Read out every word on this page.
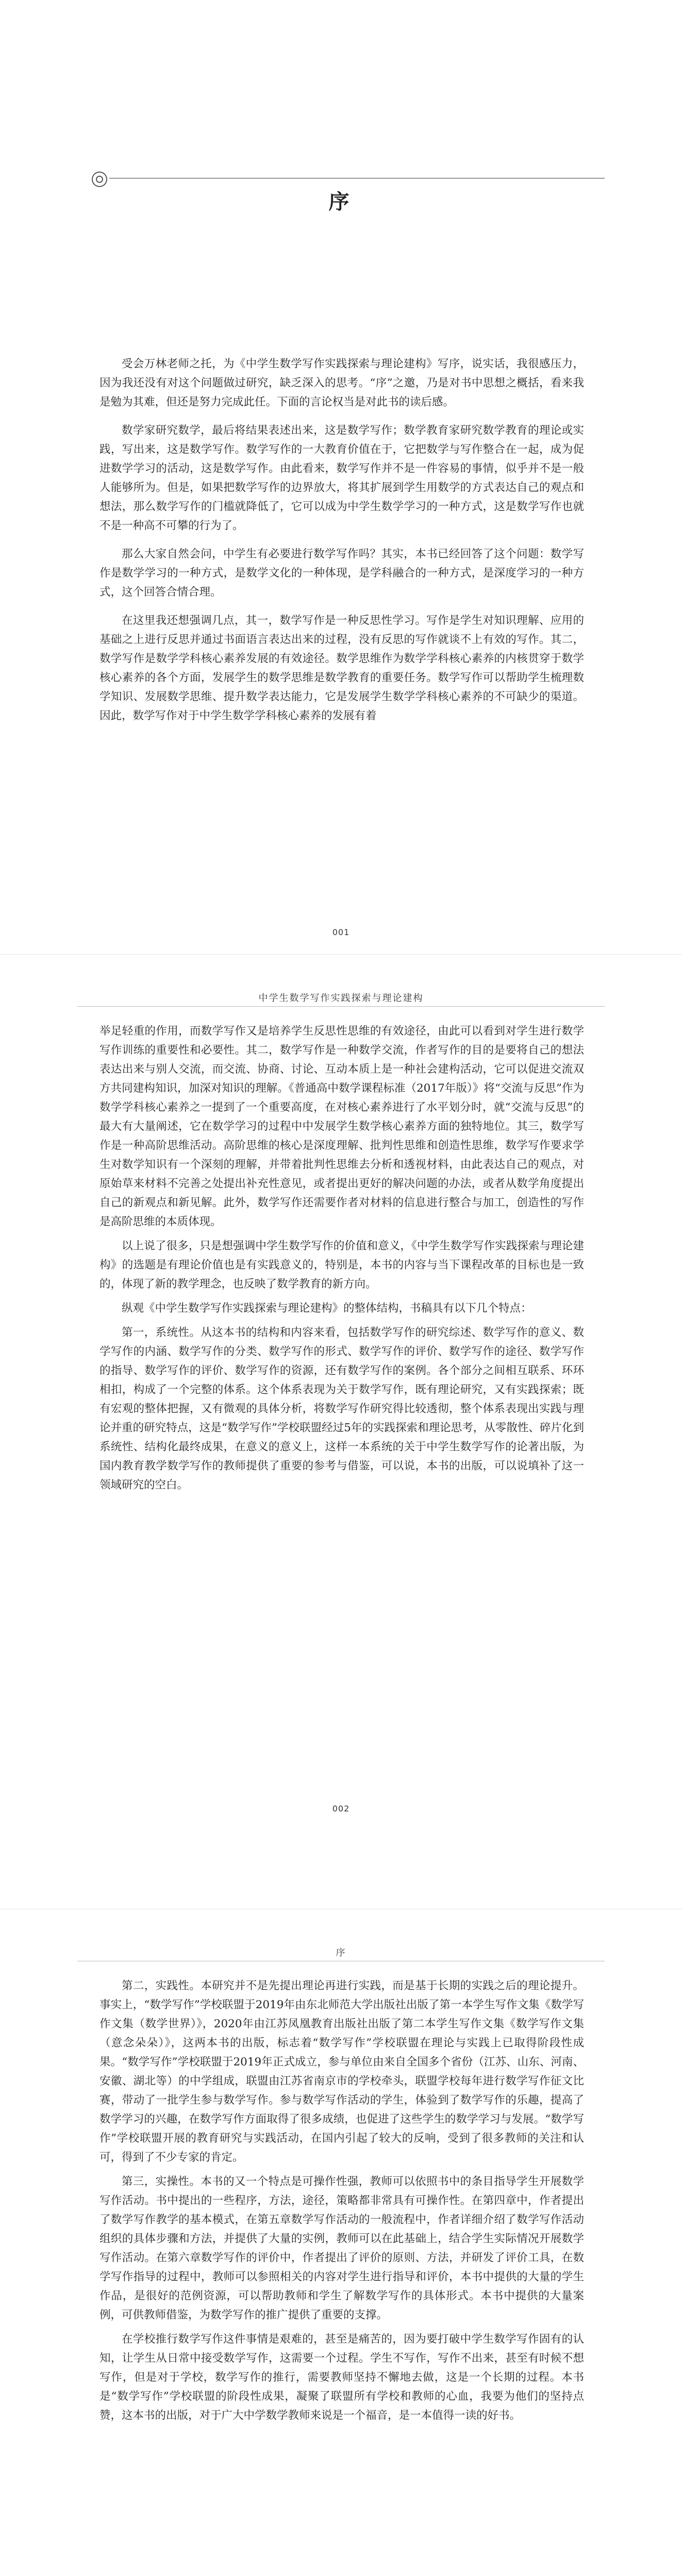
序

受会万林老师之托，为《中学生数学写作实践探索与理论建构》写序，说实话，我很感压力，因为我还没有对这个问题做过研究，缺乏深入的思考。“序”之邀，乃是对书中思想之概括，看来我是勉为其难，但还是努力完成此任。下面的言论权当是对此书的读后感。

数学家研究数学，最后将结果表述出来，这是数学写作；数学教育家研究数学教育的理论或实践，写出来，这是数学写作。数学写作的一大教育价值在于，它把数学与写作整合在一起，成为促进数学学习的活动，这是数学写作。由此看来，数学写作并不是一件容易的事情，似乎并不是一般人能够所为。但是，如果把数学写作的边界放大，将其扩展到学生用数学的方式表达自己的观点和想法，那么数学写作的门槛就降低了，它可以成为中学生数学学习的一种方式，这是数学写作也就不是一种高不可攀的行为了。

那么大家自然会问，中学生有必要进行数学写作吗？其实，本书已经回答了这个问题：数学写作是数学学习的一种方式，是数学文化的一种体现，是学科融合的一种方式，是深度学习的一种方式，这个回答合情合理。

在这里我还想强调几点，其一，数学写作是一种反思性学习。写作是学生对知识理解、应用的基础之上进行反思并通过书面语言表达出来的过程，没有反思的写作就谈不上有效的写作。其二，数学写作是数学学科核心素养发展的有效途径。数学思维作为数学学科核心素养的内核贯穿于数学核心素养的各个方面，发展学生的数学思维是数学教育的重要任务。数学写作可以帮助学生梳理数学知识、发展数学思维、提升数学表达能力，它是发展学生数学学科核心素养的不可缺少的渠道。因此，数学写作对于中学生数学学科核心素养的发展有着

001
中学生数学写作实践探索与理论建构

举足轻重的作用，而数学写作又是培养学生反思性思维的有效途径，由此可以看到对学生进行数学写作训练的重要性和必要性。其二，数学写作是一种数学交流，作者写作的目的是要将自己的想法表达出来与别人交流，而交流、协商、讨论、互动本质上是一种社会建构活动，它可以促进交流双方共同建构知识，加深对知识的理解。《普通高中数学课程标准（2017年版）》将“交流与反思”作为数学学科核心素养之一提到了一个重要高度，在对核心素养进行了水平划分时，就“交流与反思”的最大有大量阐述，它在数学学习的过程中中发展学生数学核心素养方面的独特地位。其三，数学写作是一种高阶思维活动。高阶思维的核心是深度理解、批判性思维和创造性思维，数学写作要求学生对数学知识有一个深刻的理解，并带着批判性思维去分析和透视材料，由此表达自己的观点，对原始草来材料不完善之处提出补充性意见，或者提出更好的解决问题的办法，或者从数学角度提出自己的新观点和新见解。此外，数学写作还需要作者对材料的信息进行整合与加工，创造性的写作是高阶思维的本质体现。

以上说了很多，只是想强调中学生数学写作的价值和意义，《中学生数学写作实践探索与理论建构》的选题是有理论价值也是有实践意义的，特别是，本书的内容与当下课程改革的目标也是一致的，体现了新的教学理念，也反映了数学教育的新方向。

纵观《中学生数学写作实践探索与理论建构》的整体结构，书稿具有以下几个特点：

第一，系统性。从这本书的结构和内容来看，包括数学写作的研究综述、数学写作的意义、数学写作的内涵、数学写作的分类、数学写作的形式、数学写作的评价、数学写作的途径、数学写作的指导、数学写作的评价、数学写作的资源，还有数学写作的案例。各个部分之间相互联系、环环相扣，构成了一个完整的体系。这个体系表现为关于数学写作，既有理论研究，又有实践探索；既有宏观的整体把握，又有微观的具体分析，将数学写作研究得比较透彻，整个体系表现出实践与理论并重的研究特点，这是“数学写作”学校联盟经过5年的实践探索和理论思考，从零散性、碎片化到系统性、结构化最终成果，在意义的意义上，这样一本系统的关于中学生数学写作的论著出版，为国内教育教学数学写作的教师提供了重要的参考与借鉴，可以说，本书的出版，可以说填补了这一领域研究的空白。

002
序

第二，实践性。本研究并不是先提出理论再进行实践，而是基于长期的实践之后的理论提升。事实上，“数学写作”学校联盟于2019年由东北师范大学出版社出版了第一本学生写作文集《数学写作文集（数学世界）》，2020年由江苏凤凰教育出版社出版了第二本学生写作文集《数学写作文集（意念朵朵）》，这两本书的出版，标志着“数学写作”学校联盟在理论与实践上已取得阶段性成果。“数学写作”学校联盟于2019年正式成立，参与单位由来自全国多个省份（江苏、山东、河南、安徽、湖北等）的中学组成，联盟由江苏省南京市的学校牵头，联盟学校每年进行数学写作征文比赛，带动了一批学生参与数学写作。参与数学写作活动的学生，体验到了数学写作的乐趣，提高了数学学习的兴趣，在数学写作方面取得了很多成绩，也促进了这些学生的数学学习与发展。“数学写作”学校联盟开展的教育研究与实践活动，在国内引起了较大的反响，受到了很多教师的关注和认可，得到了不少专家的肯定。

第三，实操性。本书的又一个特点是可操作性强，教师可以依照书中的条目指导学生开展数学写作活动。书中提出的一些程序，方法，途径，策略都非常具有可操作性。在第四章中，作者提出了数学写作教学的基本模式，在第五章数学写作活动的一般流程中，作者详细介绍了数学写作活动组织的具体步骤和方法，并提供了大量的实例，教师可以在此基础上，结合学生实际情况开展数学写作活动。在第六章数学写作的评价中，作者提出了评价的原则、方法，并研发了评价工具，在数学写作指导的过程中，教师可以参照相关的内容对学生进行指导和评价，本书中提供的大量的学生作品，是很好的范例资源，可以帮助教师和学生了解数学写作的具体形式。本书中提供的大量案例，可供教师借鉴，为数学写作的推广提供了重要的支撑。

在学校推行数学写作这件事情是艰难的，甚至是痛苦的，因为要打破中学生数学写作固有的认知，让学生从日常中接受数学写作，这需要一个过程。学生不写作，写作不出来，甚至有时候不想写作，但是对于学校，数学写作的推行，需要教师坚持不懈地去做，这是一个长期的过程。本书是“数学写作”学校联盟的阶段性成果，凝聚了联盟所有学校和教师的心血，我要为他们的坚持点赞，这本书的出版，对于广大中学数学教师来说是一个福音，是一本值得一读的好书。
